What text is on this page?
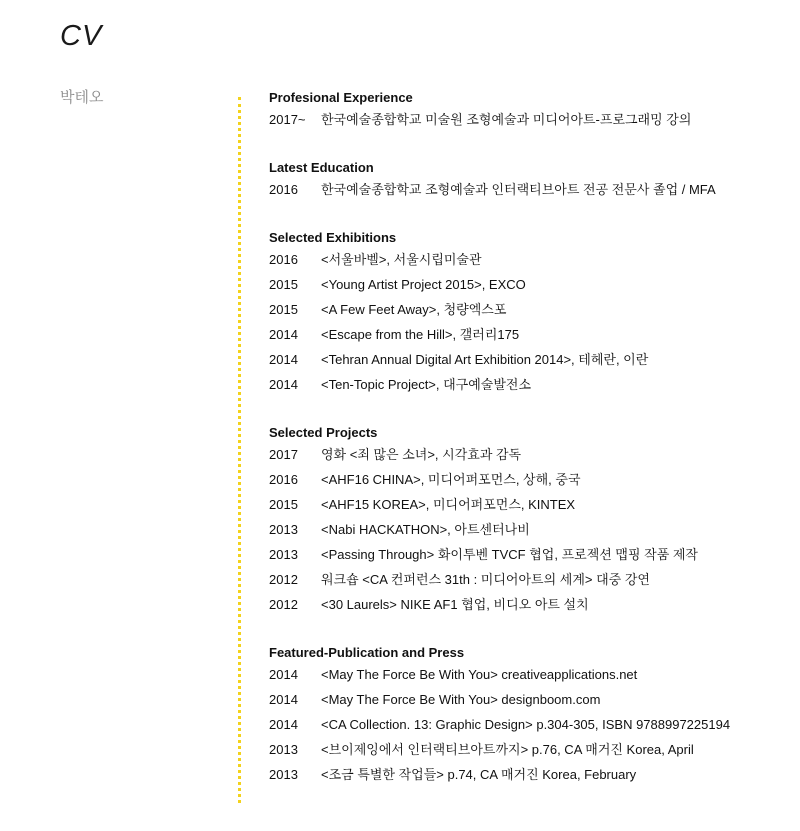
CV
박테오	Profesional Experience
2017~	한국예술종합학교 미술원 조형예술과 미디어아트-프로그래밍 강의
Latest Education
2016	한국예술종합학교 조형예술과 인터랙티브아트 전공 전문사 졸업 / MFA
Selected Exhibitions
2016	<서울바벨>, 서울시립미술관
2015	<Young Artist Project 2015>, EXCO
2015	<A Few Feet Away>, 청량엑스포
2014	<Escape from the Hill>, 갤러리175
2014	<Tehran Annual Digital Art Exhibition 2014>, 테헤란, 이란
2014	<Ten-Topic Project>, 대구예술발전소
Selected Projects
2017	영화 <죄 많은 소녀>, 시각효과 감독
2016	<AHF16 CHINA>, 미디어퍼포먼스, 상해, 중국
2015	<AHF15 KOREA>, 미디어퍼포먼스, KINTEX
2013	<Nabi HACKATHON>, 아트센터나비
2013	<Passing Through> 화이투벤 TVCF 협업, 프로젝션 맵핑 작품 제작
2012	워크숍 <CA 컨퍼런스 31th : 미디어아트의 세계> 대중 강연
2012	<30 Laurels> NIKE AF1 협업, 비디오 아트 설치
Featured-Publication and Press
2014	<May The Force Be With You> creativeapplications.net
2014	<May The Force Be With You> designboom.com
2014	<CA Collection. 13: Graphic Design> p.304-305, ISBN 9788997225194
2013	<브이제잉에서 인터랙티브아트까지> p.76, CA 매거진 Korea, April
2013	<조금 특별한 작업들> p.74, CA 매거진 Korea, February
